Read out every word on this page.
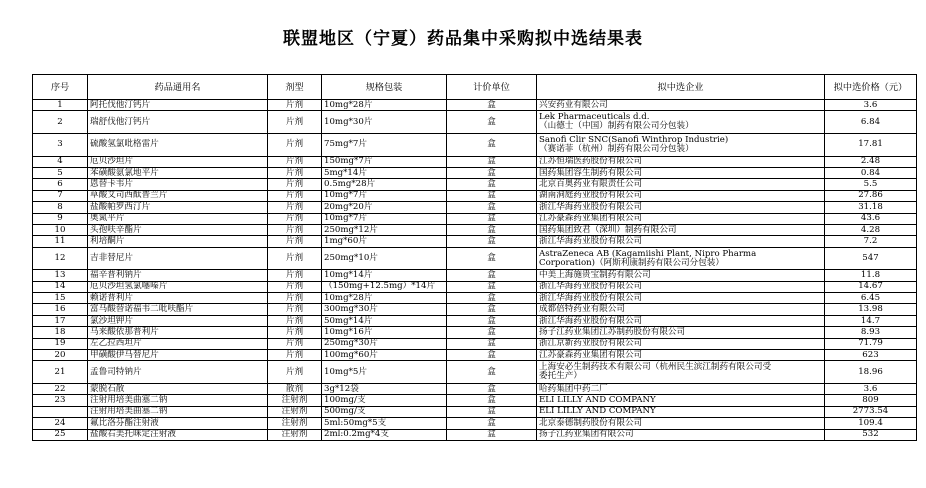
联盟地区（宁夏）药品集中采购拟中选结果表
序号	药品通用名	剂型	规格包装	计价单位	拟中选企业	拟中选价格（元）
1	阿托伐他汀钙片	片剂	10mg*28片	盒	兴安药业有限公司	3.6
2	瑞舒伐他汀钙片	片剂	10mg*30片	盒	Lek Pharmaceuticals d.d.
（山德士（中国）制药有限公司分包装）	6.84
3	硫酸氢氯吡格雷片	片剂	75mg*7片	盒	Sanofi Clir SNC(Sanofi Winthrop Industrie)
（赛诺菲（杭州）制药有限公司分包装）	17.81
4	厄贝沙坦片	片剂	150mg*7片	盒	江苏恒瑞医药股份有限公司	2.48
5	苯磺酸氨氯地平片	片剂	5mg*14片	盒	国药集团容生制药有限公司	0.84
6	恩替卡韦片	片剂	0.5mg*28片	盒	北京百奥药业有限责任公司	5.5
7	草酸艾司西酞普兰片	片剂	10mg*7片	盒	湖南洞庭药业股份有限公司	27.86
8	盐酸帕罗西汀片	片剂	20mg*20片	盒	浙江华海药业股份有限公司	31.18
9	奥氮平片	片剂	10mg*7片	盒	江苏豪森药业集团有限公司	43.6
10	头孢呋辛酯片	片剂	250mg*12片	盒	国药集团致君（深圳）制药有限公司	4.28
11	利培酮片	片剂	1mg*60片	盒	浙江华海药业股份有限公司	7.2
12	吉非替尼片	片剂	250mg*10片	盒	AstraZeneca AB (Kagamiishi Plant, Nipro Pharma
Corporation)（阿斯利康制药有限公司分包装）	547
13	福辛普利钠片	片剂	10mg*14片	盒	中美上海施贵宝制药有限公司	11.8
14	厄贝沙坦氢氯噻嗪片	片剂	（150mg+12.5mg）*14片	盒	浙江华海药业股份有限公司	14.67
15	赖诺普利片	片剂	10mg*28片	盒	浙江华海药业股份有限公司	6.45
16	富马酸替诺福韦二吡呋酯片	片剂	300mg*30片	盒	成都倍特药业有限公司	13.98
17	氯沙坦钾片	片剂	50mg*14片	盒	浙江华海药业股份有限公司	14.7
18	马来酸依那普利片	片剂	10mg*16片	盒	扬子江药业集团江苏制药股份有限公司	8.93
19	左乙拉西坦片	片剂	250mg*30片	盒	浙江京新药业股份有限公司	71.79
20	甲磺酸伊马替尼片	片剂	100mg*60片	盒	江苏豪森药业集团有限公司	623
21	孟鲁司特钠片	片剂	10mg*5片	盒	上海安必生制药技术有限公司（杭州民生滨江制药有限公司受
委托生产）	18.96
22	蒙脱石散	散剂	3g*12袋	盒	哈药集团中药二厂	3.6
23	注射用培美曲塞二钠	注射剂	100mg/支	盒	ELI LILLY AND COMPANY	809
	注射用培美曲塞二钠	注射剂	500mg/支	盒	ELI LILLY AND COMPANY	2773.54
24	氟比洛芬酯注射液	注射剂	5ml:50mg*5支	盒	北京泰德制药股份有限公司	109.4
25	盐酸右美托咪定注射液	注射剂	2ml:0.2mg*4支	盒	扬子江药业集团有限公司	532
